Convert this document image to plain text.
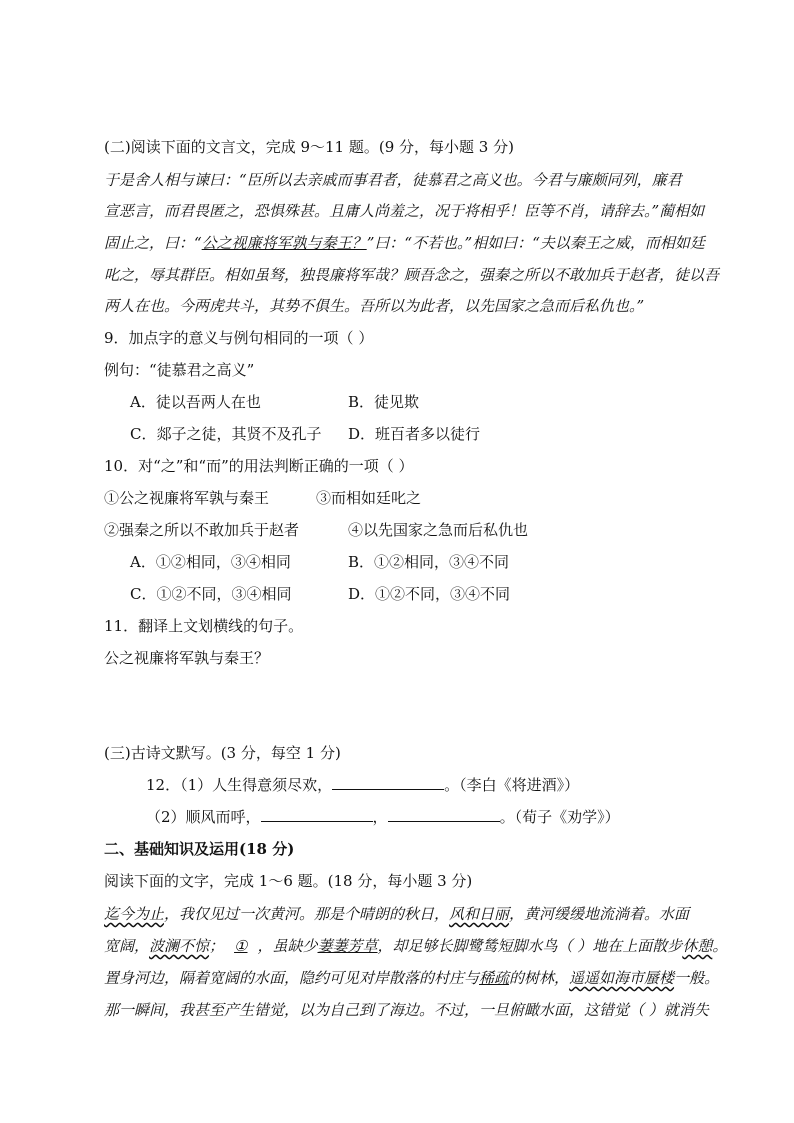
(二)阅读下面的文言文，完成 9～11 题。(9 分，每小题 3 分)
于是舍人相与谏曰：“臣所以去亲戚而事君者，徒慕君之高义也。今君与廉颇同列，廉君
宣恶言，而君畏匿之，恐惧殊甚。且庸人尚羞之，况于将相乎！臣等不肖，请辞去。”蔺相如
固止之，曰：“公之视廉将军孰与秦王？”曰：“不若也。”相如曰：“夫以秦王之威，而相如廷
叱之，辱其群臣。相如虽驽，独畏廉将军哉？顾吾念之，强秦之所以不敢加兵于赵者，徒以吾
两人在也。今两虎共斗，其势不俱生。吾所以为此者，以先国家之急而后私仇也。”
9．加点字的意义与例句相同的一项（ ）
例句：“徒慕君之高义”
A．徒以吾两人在也	B．徒见欺
C．郯子之徒，其贤不及孔子 D．班百者多以徒行
10．对“之”和“而”的用法判断正确的一项（ ）
①公之视廉将军孰与秦王	③而相如廷叱之
②强秦之所以不敢加兵于赵者	④以先国家之急而后私仇也
A．①②相同，③④相同	B．①②相同，③④不同
C．①②不同，③④相同	D．①②不同，③④不同
11．翻译上文划横线的句子。
公之视廉将军孰与秦王？
(三)古诗文默写。(3 分，每空 1 分)
12．（1）人生得意须尽欢，	。（李白《将进酒》）
（2）顺风而呼，	，	。（荀子《劝学》）
二、基础知识及运用(18 分)
阅读下面的文字，完成 1～6 题。(18 分，每小题 3 分)
迄今为止，我仅见过一次黄河。那是个晴朗的秋日，风和日丽，黄河缓缓地流淌着。水面
宽阔，波澜不惊； ① ，虽缺少萋萋芳草，却足够长脚鹭鸶短脚水鸟（ ）地在上面散步休憩。
置身河边，隔着宽阔的水面，隐约可见对岸散落的村庄与稀疏的树林，遥遥如海市蜃楼一般。
那一瞬间，我甚至产生错觉，以为自己到了海边。不过，一旦俯瞰水面，这错觉（ ）就消失
